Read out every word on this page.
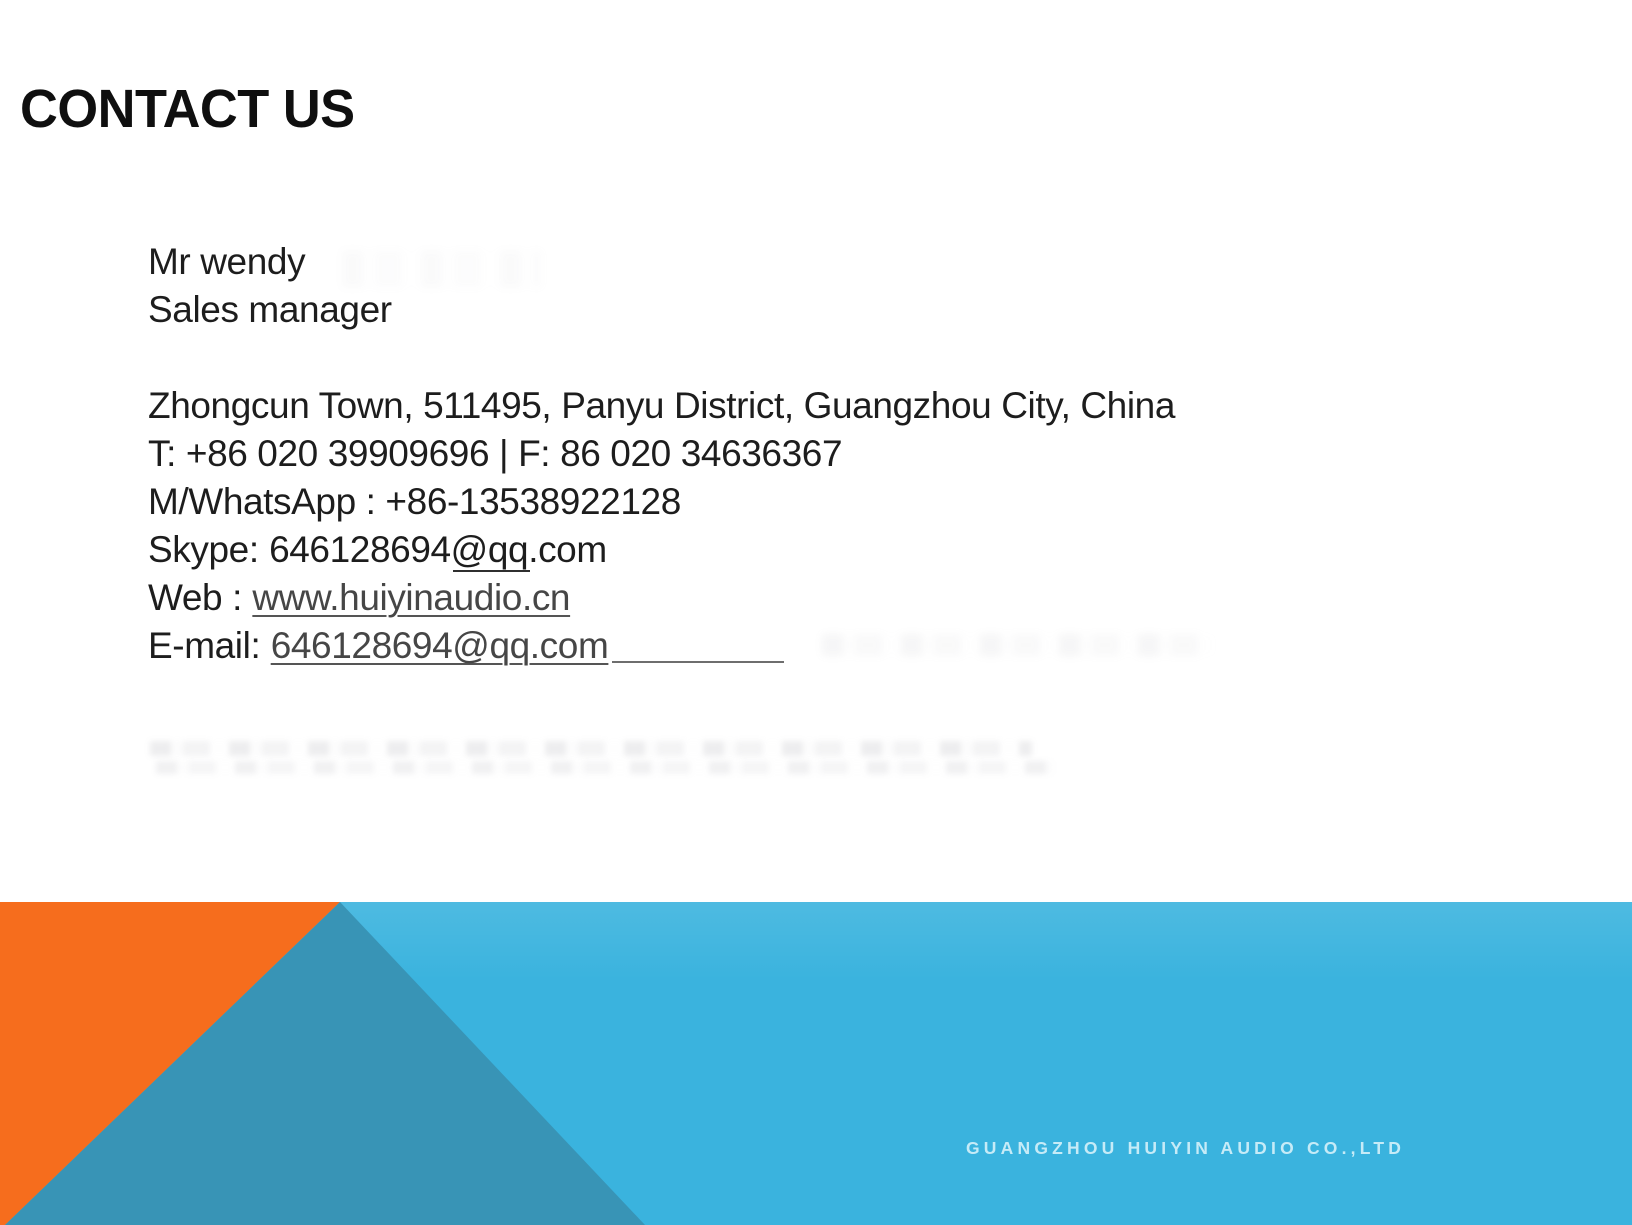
CONTACT US
Mr wendy
Sales manager
Zhongcun Town, 511495, Panyu District, Guangzhou City, China
T: +86 020 39909696 | F: 86 020 34636367
M/WhatsApp : +86-13538922128
Skype: 646128694@qq.com
Web : www.huiyinaudio.cn
E-mail: 646128694@qq.com
GUANGZHOU HUIYIN AUDIO CO.,LTD
